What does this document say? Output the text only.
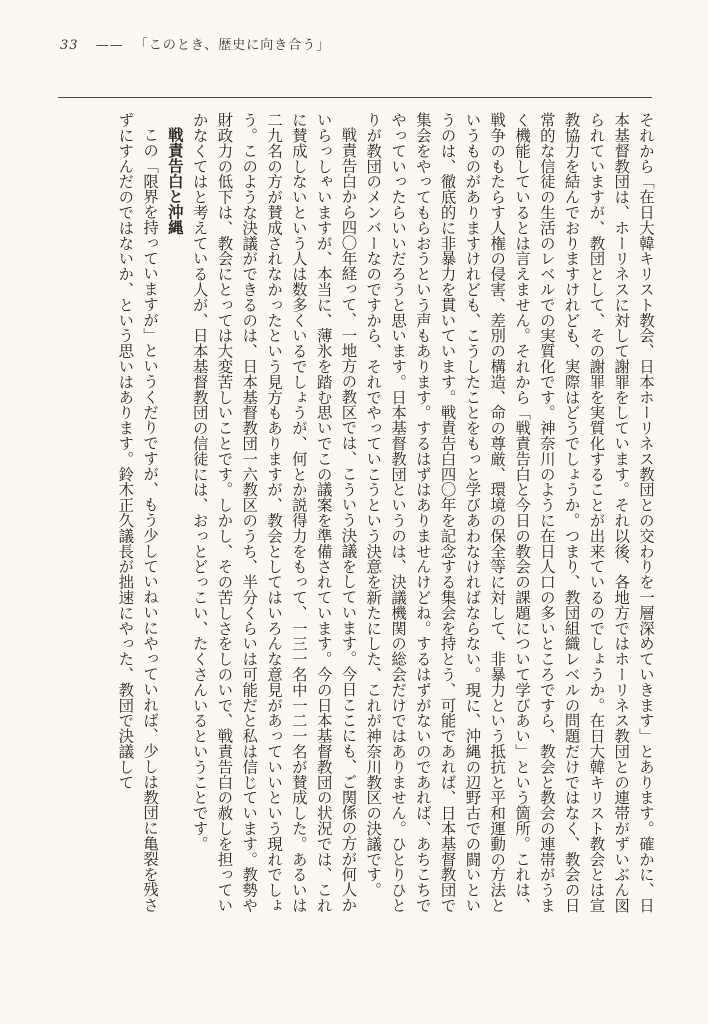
33 —— 「このとき、歴史に向き合う」

それから「在日大韓キリスト教会、日本ホーリネス教団との交わりを一層深めていきます」とあります。確かに、日本基督教団は、ホーリネスに対して謝罪をしています。それ以後、各地方ではホーリネス教団との連帯がずいぶん図られていますが、教団として、その謝罪を実質化することが出来ているのでしょうか。在日大韓キリスト教会とは宣教協力を結んでおりますけれども、実際はどうでしょうか。つまり、教団組織レベルの問題だけではなく、教会の日常的な信徒の生活のレベルでの実質化です。神奈川のように在日人口の多いところですら、教会と教会の連帯がうまく機能しているとは言えません。それから「戦責告白と今日の教会の課題について学びあい」という箇所。これは、戦争のもたらす人権の侵害、差別の構造、命の尊厳、環境の保全等に対して、非暴力という抵抗と平和運動の方法というものがありますけれども、こうしたことをもっと学びあわなければならない。現に、沖縄の辺野古での闘いというのは、徹底的に非暴力を貫いています。戦責告白四〇年を記念する集会を持とう、可能であれば、日本基督教団で集会をやってもらおうという声もあります。するはずはありませんけどね。するはずがないのであれば、あちこちでやっていったらいいだろうと思います。日本基督教団というのは、決議機関の総会だけではありません。ひとりひとりが教団のメンバーなのですから、それでやっていこうという決意を新たにした、これが神奈川教区の決議です。

戦責告白から四〇年経って、一地方の教区では、こういう決議をしています。今日ここにも、ご関係の方が何人かいらっしゃいますが、本当に、薄氷を踏む思いでこの議案を準備されています。今の日本基督教団の状況では、これに賛成しないという人は数多くいるでしょうが、何とか説得力をもって、一三一名中一二一名が賛成した。あるいは二九名の方が賛成されなかったという見方もありますが、教会としてはいろんな意見があっていいという現れでしょう。このような決議ができるのは、日本基督教団一六教区のうち、半分くらいは可能だと私は信じています。教勢や財政力の低下は、教会にとっては大変苦しいことです。しかし、その苦しさをしのいで、戦責告白の赦しを担っていかなくてはと考えている人が、日本基督教団の信徒には、おっとどっこい、たくさんいるということです。

戦責告白と沖縄

この「限界を持っていますが」というくだりですが、もう少していねいにやっていれば、少しは教団に亀裂を残さずにすんだのではないか、という思いはあります。鈴木正久議長が拙速にやった、教団で決議して
